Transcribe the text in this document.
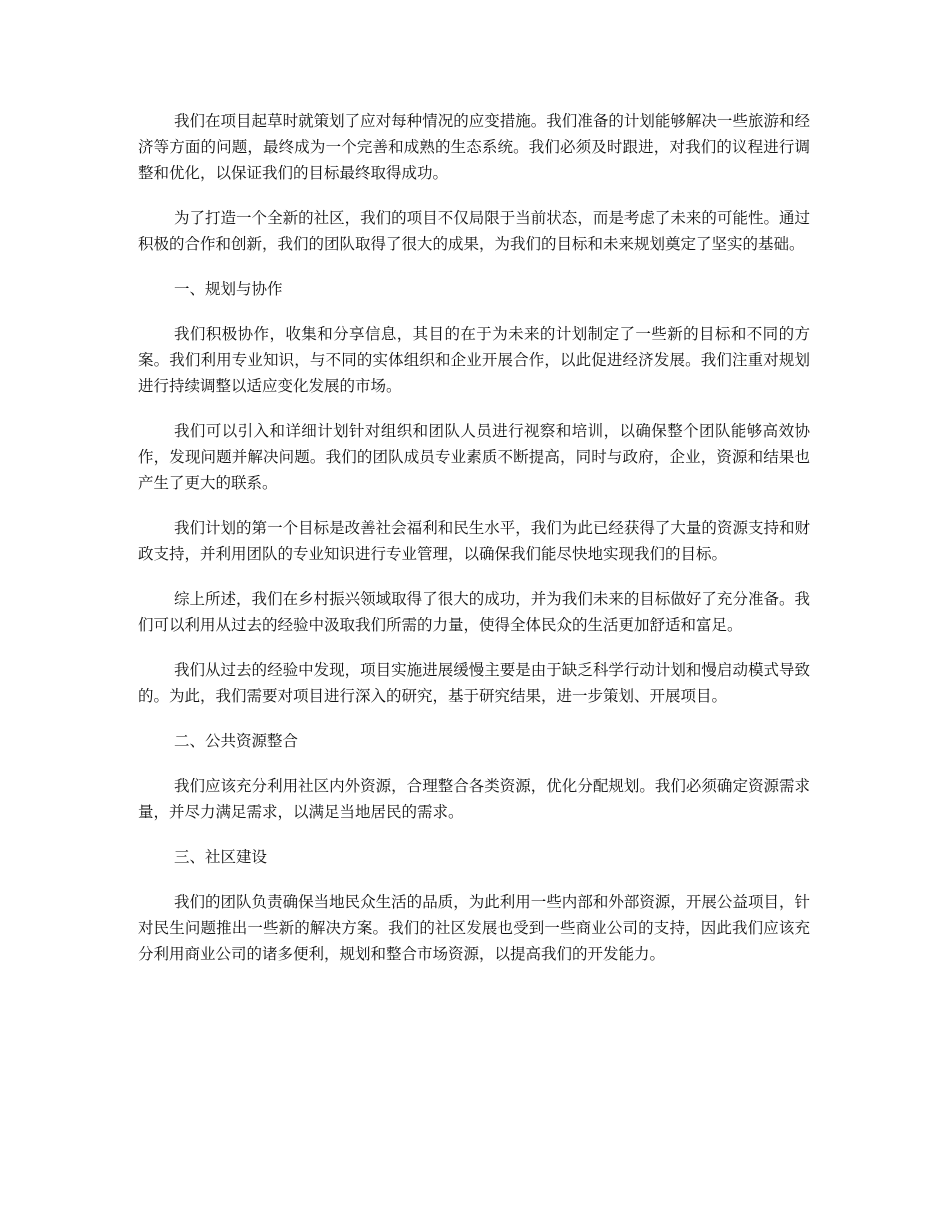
我们在项目起草时就策划了应对每种情况的应变措施。我们准备的计划能够解决一些旅游和经济等方面的问题，最终成为一个完善和成熟的生态系统。我们必须及时跟进，对我们的议程进行调整和优化，以保证我们的目标最终取得成功。

为了打造一个全新的社区，我们的项目不仅局限于当前状态，而是考虑了未来的可能性。通过积极的合作和创新，我们的团队取得了很大的成果，为我们的目标和未来规划奠定了坚实的基础。

一、规划与协作

我们积极协作，收集和分享信息，其目的在于为未来的计划制定了一些新的目标和不同的方案。我们利用专业知识，与不同的实体组织和企业开展合作，以此促进经济发展。我们注重对规划进行持续调整以适应变化发展的市场。

我们可以引入和详细计划针对组织和团队人员进行视察和培训，以确保整个团队能够高效协作，发现问题并解决问题。我们的团队成员专业素质不断提高，同时与政府，企业，资源和结果也产生了更大的联系。

我们计划的第一个目标是改善社会福利和民生水平，我们为此已经获得了大量的资源支持和财政支持，并利用团队的专业知识进行专业管理，以确保我们能尽快地实现我们的目标。

综上所述，我们在乡村振兴领域取得了很大的成功，并为我们未来的目标做好了充分准备。我们可以利用从过去的经验中汲取我们所需的力量，使得全体民众的生活更加舒适和富足。

我们从过去的经验中发现，项目实施进展缓慢主要是由于缺乏科学行动计划和慢启动模式导致的。为此，我们需要对项目进行深入的研究，基于研究结果，进一步策划、开展项目。

二、公共资源整合

我们应该充分利用社区内外资源，合理整合各类资源，优化分配规划。我们必须确定资源需求量，并尽力满足需求，以满足当地居民的需求。

三、社区建设

我们的团队负责确保当地民众生活的品质，为此利用一些内部和外部资源，开展公益项目，针对民生问题推出一些新的解决方案。我们的社区发展也受到一些商业公司的支持，因此我们应该充分利用商业公司的诸多便利，规划和整合市场资源，以提高我们的开发能力。
